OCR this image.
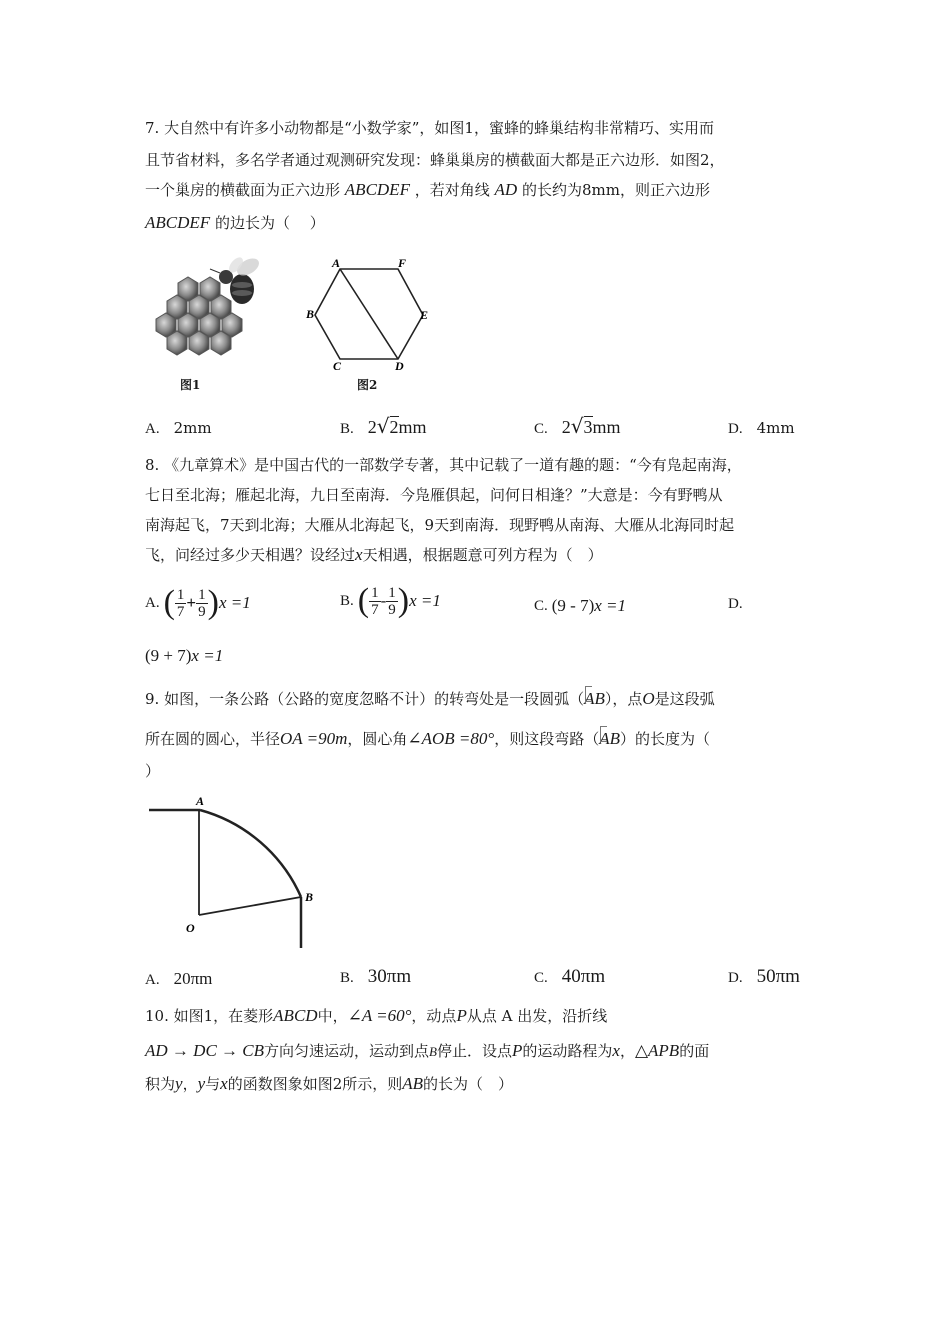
7. 大自然中有许多小动物都是“小数学家”，如图1，蜜蜂的蜂巢结构非常精巧、实用而
且节省材料，多名学者通过观测研究发现：蜂巢巢房的横截面大都是正六边形．如图2，
一个巢房的横截面为正六边形 ABCDEF ，若对角线 AD 的长约为8mm，则正六边形
ABCDEF 的边长为（　 ）
图1
A	F
B	E
C	D
图2
A. 2mm	B. 2√2mm	C. 2√3mm	D. 4mm
8. 《九章算术》是中国古代的一部数学专著，其中记载了一道有趣的题：“今有凫起南海，
七日至北海；雁起北海，九日至南海．今凫雁俱起，问何日相逢？”大意是：今有野鸭从
南海起飞，7天到北海；大雁从北海起飞，9天到南海．现野鸭从南海、大雁从北海同时起
飞，问经过多少天相遇？设经过x天相遇，根据题意可列方程为（　）
A. ( $\frac{1}{7} + \frac{1}{9} )x =1$	B. ( $\frac{1}{7} - \frac{1}{9} )x =1$	C. (9 - 7)x =1	D.
(9 + 7)x =1
9. 如图，一条公路（公路的宽度忽略不计）的转弯处是一段圆弧（AB），点O是这段弧
所在圆的圆心，半径OA =90m，圆心角∠AOB =80°，则这段弯路（AB）的长度为（
）
A
B
O
A. 20πm	B. 30πm	C. 40πm	D. 50πm
10. 如图1，在菱形ABCD中，∠A =60°，动点P从点 A 出发，沿折线
AD → DC → CB方向匀速运动，运动到点B停止．设点P的运动路程为x，△APB的面
积为y，y与x的函数图象如图2所示，则AB的长为（　）
